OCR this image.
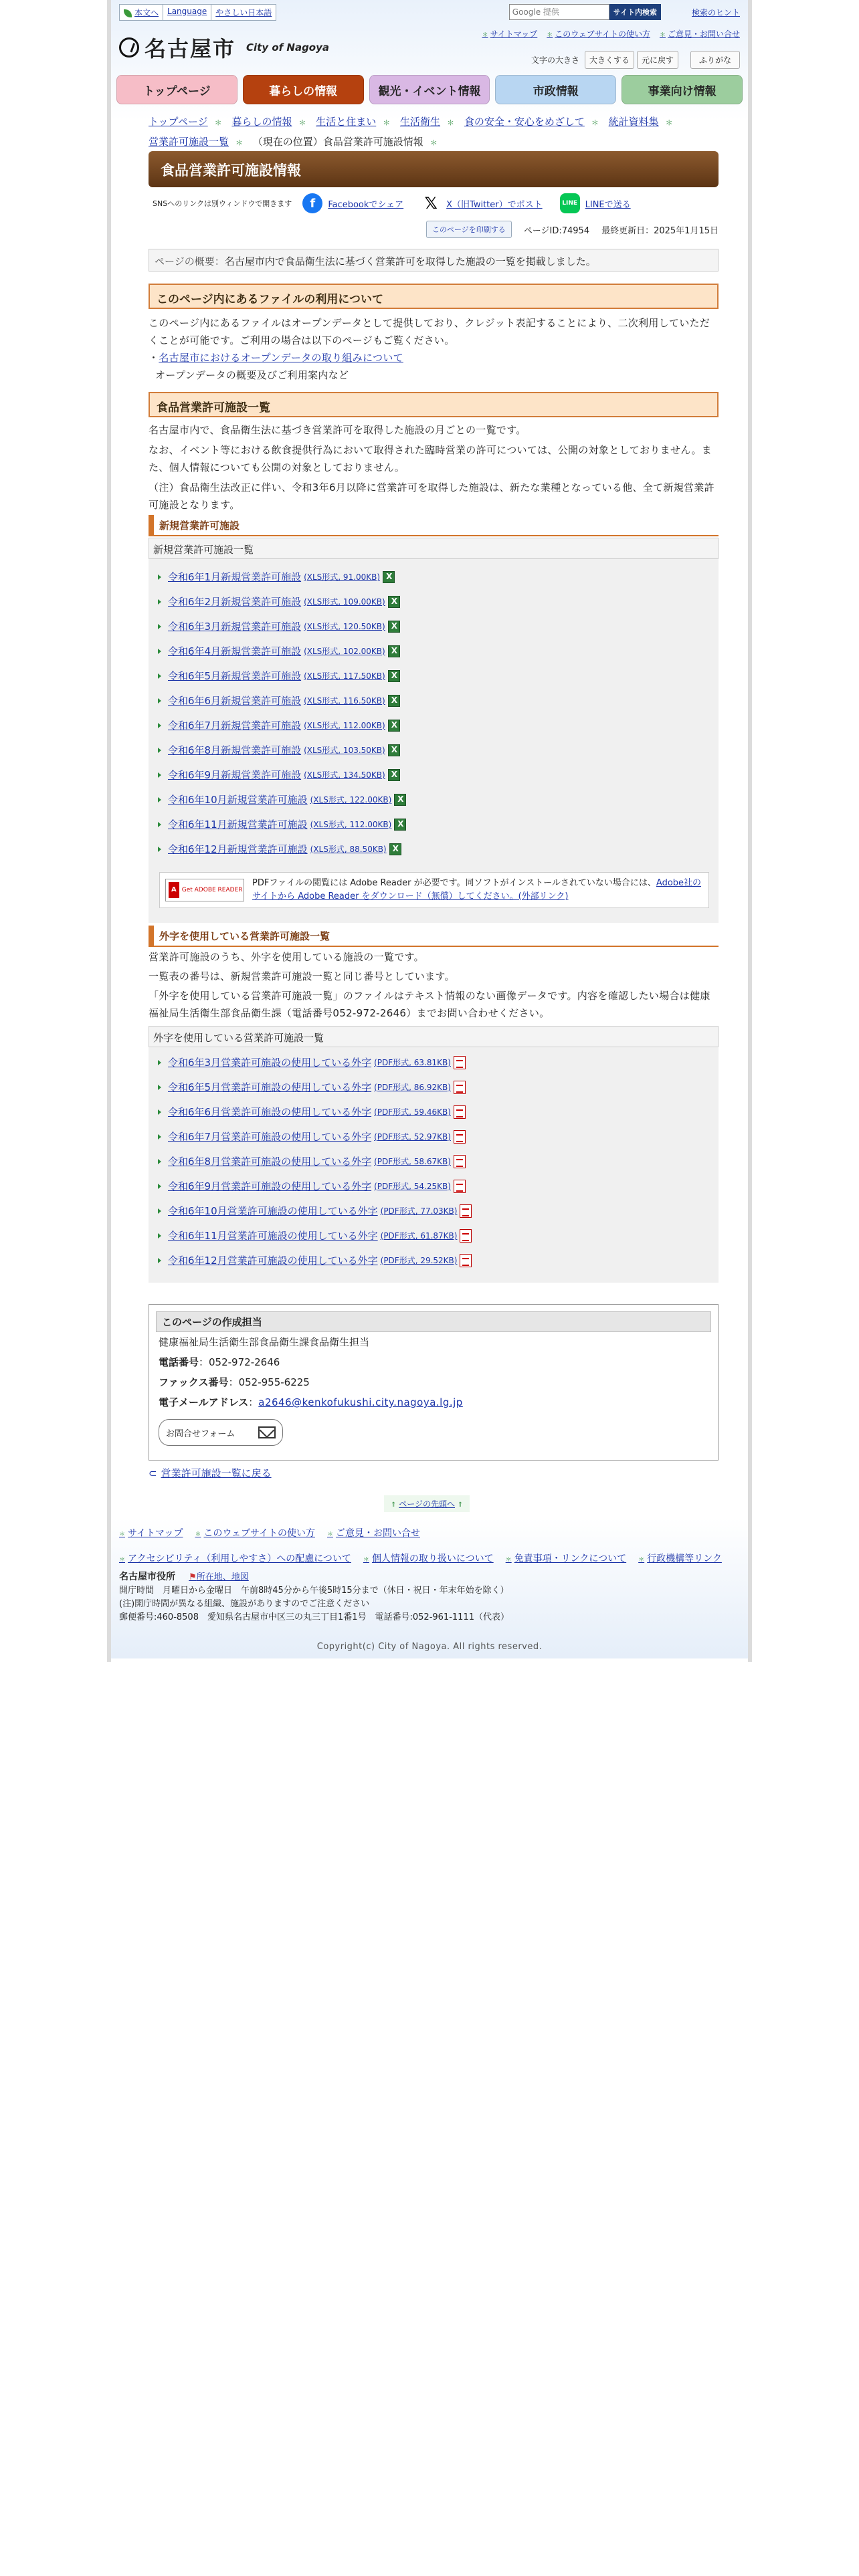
本文へ	Language	やさしい日本語
Google 提供	サイト内検索	検索のヒント
名古屋市 City of Nagoya
＊ サイトマップ	＊ このウェブサイトの使い方	＊ ご意見・お問い合せ
文字の大きさ	大きくする	元に戻す	ふりがな
トップページ	暮らしの情報	観光・イベント情報	市政情報	事業向け情報
トップページ ＊ 暮らしの情報 ＊ 生活と住まい ＊ 生活衛生 ＊ 食の安全・安心をめざして ＊ 統計資料集 ＊
営業許可施設一覧 ＊ （現在の位置）食品営業許可施設情報 ＊
食品営業許可施設情報
SNSへのリンクは別ウィンドウで開きます	f	Facebookでシェア 𝕏	X（旧Twitter）でポスト	LINE LINEで送る
このページを印刷する	ページID:74954 最終更新日：2025年1月15日
ページの概要：名古屋市内で食品衛生法に基づく営業許可を取得した施設の一覧を掲載しました。
このページ内にあるファイルの利用について
このページ内にあるファイルはオープンデータとして提供しており、クレジット表記することにより、二次利用していただくことが可能です。ご利用の場合は以下のページもご覧ください。
・ 名古屋市におけるオープンデータの取り組みについて
オープンデータの概要及びご利用案内など
食品営業許可施設一覧
名古屋市内で、食品衛生法に基づき営業許可を取得した施設の月ごとの一覧です。
なお、イベント等における飲食提供行為において取得された臨時営業の許可については、公開の対象としておりません。また、個人情報についても公開の対象としておりません。
（注）食品衛生法改正に伴い、令和3年6月以降に営業許可を取得した施設は、新たな業種となっている他、全て新規営業許可施設となります。
新規営業許可施設
新規営業許可施設一覧
令和6年1月新規営業許可施設 (XLS形式, 91.00KB)
X
令和6年2月新規営業許可施設 (XLS形式, 109.00KB)
X
令和6年3月新規営業許可施設 (XLS形式, 120.50KB)
X
令和6年4月新規営業許可施設 (XLS形式, 102.00KB)
X
令和6年5月新規営業許可施設 (XLS形式, 117.50KB)
X
令和6年6月新規営業許可施設 (XLS形式, 116.50KB)
X
令和6年7月新規営業許可施設 (XLS形式, 112.00KB)
X
令和6年8月新規営業許可施設 (XLS形式, 103.50KB)
X
令和6年9月新規営業許可施設 (XLS形式, 134.50KB)
X
令和6年10月新規営業許可施設 (XLS形式, 122.00KB)
X
令和6年11月新規営業許可施設 (XLS形式, 112.00KB)
X
令和6年12月新規営業許可施設 (XLS形式, 88.50KB)
X
A Get ADOBE READER
PDFファイルの閲覧には Adobe Reader が必要です。同ソフトがインストールされていない場合には、Adobe社のサイトから Adobe Reader をダウンロード（無償）してください。(外部リンク)
外字を使用している営業許可施設一覧
営業許可施設のうち、外字を使用している施設の一覧です。
一覧表の番号は、新規営業許可施設一覧と同じ番号としています。
「外字を使用している営業許可施設一覧」のファイルはテキスト情報のない画像データです。内容を確認したい場合は健康福祉局生活衛生部食品衛生課（電話番号052-972-2646）までお問い合わせください。
外字を使用している営業許可施設一覧
令和6年3月営業許可施設の使用している外字 (PDF形式, 63.81KB)
令和6年5月営業許可施設の使用している外字 (PDF形式, 86.92KB)
令和6年6月営業許可施設の使用している外字 (PDF形式, 59.46KB)
令和6年7月営業許可施設の使用している外字 (PDF形式, 52.97KB)
令和6年8月営業許可施設の使用している外字 (PDF形式, 58.67KB)
令和6年9月営業許可施設の使用している外字 (PDF形式, 54.25KB)
令和6年10月営業許可施設の使用している外字 (PDF形式, 77.03KB)
令和6年11月営業許可施設の使用している外字 (PDF形式, 61.87KB)
令和6年12月営業許可施設の使用している外字 (PDF形式, 29.52KB)
このページの作成担当
健康福祉局生活衛生部食品衛生課食品衛生担当
電話番号：052-972-2646
ファックス番号：052-955-6225
電子メールアドレス：a2646@kenkofukushi.city.nagoya.lg.jp
お問合せフォーム
⊂ 営業許可施設一覧に戻る
⇑ ページの先頭へ ⇑
＊ サイトマップ	＊ このウェブサイトの使い方	＊ ご意見・お問い合せ
＊ アクセシビリティ（利用しやすさ）への配慮について	＊ 個人情報の取り扱いについて	＊ 免責事項・リンクについて	＊ 行政機構等リンク
名古屋市役所 ⚑所在地、地図
開庁時間　月曜日から金曜日　午前8時45分から午後5時15分まで（休日・祝日・年末年始を除く）
(注)開庁時間が異なる組織、施設がありますのでご注意ください
郵便番号:460-8508　愛知県名古屋市中区三の丸三丁目1番1号　電話番号:052-961-1111（代表）
Copyright(c) City of Nagoya. All rights reserved.
